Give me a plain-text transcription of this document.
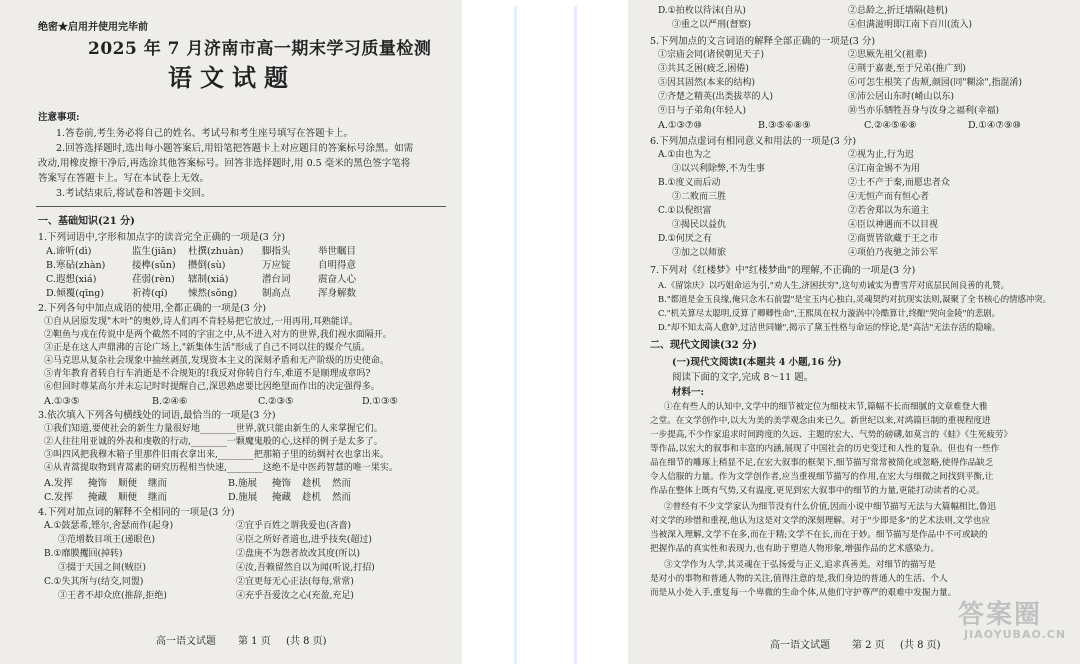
绝密★启用并使用完毕前
2025 年 7 月济南市高一期末学习质量检测
语文试题
注意事项:
1.答卷前,考生务必将自己的姓名、考试号和考生座号填写在答题卡上。
2.回答选择题时,选出每小题答案后,用铅笔把答题卡上对应题目的答案标号涂黑。如需
改动,用橡皮擦干净后,再选涂其他答案标号。回答非选择题时,用 0.5 毫米的黑色签字笔将
答案写在答题卡上。写在本试卷上无效。
3.考试结束后,将试卷和答题卡交回。
一、基础知识(21 分)
1.下列词语中,字形和加点字的读音完全正确的一项是(3 分)
A.谛听(dì)	监生(jiān) 杜撰(zhuàn) 脚指头	举世瞩目
B.寒砧(zhàn)	接榫(sǔn) 攒倒(sù)	万应锭	自明得意
C.遐想(xiá)	荏弱(rèn) 辖制(xiá)	潜台词	震奋人心
D.倾覆(qīng)	祈祷(qí) 悚然(sǒng)	制高点	浑身解数
2.下列各句中加点成语的使用,全都正确的一项是(3 分)
①自从居原发现"木叶"的奥妙,诗人们再不肯轻易把它放过,一用再用,耳熟能详。
②靼鱼与戎在传说中是两个截然不同的字宙之中,从不进入对方的世界,我们视水面隔开。
③正是在这人声鼎沸的言论广场上,"新集体生活"形成了自己不同以往的媒介气质。
④马克思从复杂社会现象中抽丝剥茧,发现资本主义的深刻矛盾和无产阶级的历史使命。
⑤青年教育者转自行车消逝是不合规矩的!我反对你转自行车,难道不是顺理成章吗?
⑥但回时尊某高尔并未忘记时时提醒自己,深思熟虑要比因绝望而作出的决定强得多。
A.①③⑤	B.②④⑥	C.②③⑤	D.①③⑤
3.依次填入下列各句横线处的词语,最恰当的一项是(3 分)
①我们知道,要使社会的新生力量很好地________世界,就只能由新生的人来掌握它们。
②人往往用亚诚的外表和虔敬的行动,________一颗魔鬼般的心,这样的例子是太多了。
③叫四风把我穆木箱子里那件旧雨衣拿出来,________把那箱子里的纺绸衬衣也拿出来。
④从青蒿提取物到青蒿素的研究历程相当快速,________这绝不是中医药智慧的唯一果实。
A.发挥 掩饰 顺便 继而	B.施展 掩饰 趁机 然而
C.发挥 掩藏 顺便 继而	D.施展 掩藏 趁机 然而
4.下列对加点词的解释不全相同的一项是(3 分)
A.①鼓瑟希,铿尔,舍瑟而作(起身)	②宜乎百姓之谓我爱也(吝啬)
③范增数目项王(递眼色)	④臣之所好者道也,进乎技矣(超过)
B.①靡膜攫回(掉转)	②盘庚不为怨者故改其度(所以)
③掇于天国之间(贼臣)	④汝,吾赖留然自以为闻(听说,打招)
C.①失其所与(结交,同盟)	②宜更每无心正法(每每,常常)
③王者不却众庶(推辞,拒绝)	④充乎吾爱汝之心(充盈,充足)
高一语文试题 第 1 页 (共 8 页)
D.①拍枚以待沫(自从)	②总龄之,折迁墙隔(趁机)
③重之以严刑(督察)	④但满滋明即江南下百川(流入)
5.下列加点的文言词语的解释全部正确的一项是(3 分)
①宗庙会同(诸侯朝见天子)	②思厥先祖父(祖辈)
③共其乏困(疲乏,困倦)	④荆于嘉妻,至于兄弟(推广到)
⑤因其固然(本来的结构)	⑥可怎生根笑了齿颊,颜园(同"糊涂",指混淆)
⑦齐楚之精英(出类拔萃的人)	⑧沛公居山东时(崤山以东)
⑨日与子弟角(年轻人)	⑩当亦乐牺牲吾身与汝身之福利(幸福)
A.①③⑦⑩	B.③⑤⑥⑧⑨	C.②④⑤⑥⑧	D.①④⑦⑨⑩
6.下列加点虚词有相同意义和用法的一项是(3 分)
A.①由也为之	②视为止,行为迟
③以兴利除弊,不为生事	④江南金锡不为用
B.①度义而后动	②土不产于秦,而愿忠者众
③二败而三胜	④无恒产而有恒心者
C.①以倪织富	②若舍郑以为东道主
③揭民以益仇	④臣以神遇而不以目视
D.①何厌之有	②商贾皆欲藏于王之市
③加之以师旅	④项伯乃夜驰之沛公军
7.下列对《红楼梦》中"红楼梦曲"的理解,不正确的一项是(3 分)
A.《留馀庆》以巧姐命运为引,"劝人生,济困扶穷",这句劝诫实为曹雪芹对底层民间良善的礼赞。
B."都道是金玉良缘,俺只念木石前盟"是宝玉内心独白,灵魂契约对抗现实法则,凝聚了全书核心的情感冲突。
C."机关算尽太聪明,反算了卿卿性命",王熙凤在权力漩涡中冷酷算计,终酿"哭向金陵"的悲剧。
D."却不知太高人愈妒,过洁世同嫌",揭示了黛玉性格与命运的悖论,是"高洁"无法存活的隐喻。
二、现代文阅读(32 分)
(一)现代文阅读Ⅰ(本题共 4 小题,16 分)
阅读下面的文字,完成 8～11 题。
材料一:
①在有些人的认知中,文学中的细节被定位为细枝末节,篇幅不长而细腻的文章难登大雅
之堂。在文学创作中,以大为美的美学观念由来已久。新世纪以来,对鸿篇巨制的重视程度进
一步提高,不少作家追求时间跨度的久远、主题的宏大、气势的磅礴,如莫言的《蛙》《生死疲劳》
等作品,以宏大的叙事和丰富的内涵,展现了中国社会的历史变迁和人性的复杂。但也有一些作
品在细节的雕琢上稍显不足,在宏大叙事的框架下,细节描写常常被简化或忽略,使得作品缺乏
令人信服的力量。作为文学创作者,应当重视细节描写的作用,在宏大与细微之间找到平衡,让
作品在整体上既有气势,又有温度,更见到宏大叙事中的细节的力量,更能打动读者的心灵。
②曾经有不少文学家认为细节没有什么价值,因而小说中细节描写无法与大篇幅相比,鲁迅
对文学的珍惜和重视,他认为这是对文学的深刻理解。对于"少即是多"的艺术法则,文学也应
当被深入理解,文学不在多,而在于精;文学不在长,而在于妙。细节描写是作品中不可或缺的
把握作品的真实性和表现力,也有助于塑造人物形象,增强作品的艺术感染力。
③文学作为人学,其灵魂在于弘扬爱与正义,追求真善美。对细节的描写是
是对小的事物和普通人物的关注,值得注意的是,我们身边的普通人的生活、个人
而是从小处入手,重复每一个卑微的生命个体,从他们守护尊严的艰难中发掘力量。
高一语文试题 第 2 页 (共 8 页)
答案圈
JIAOYUBAO.CN
